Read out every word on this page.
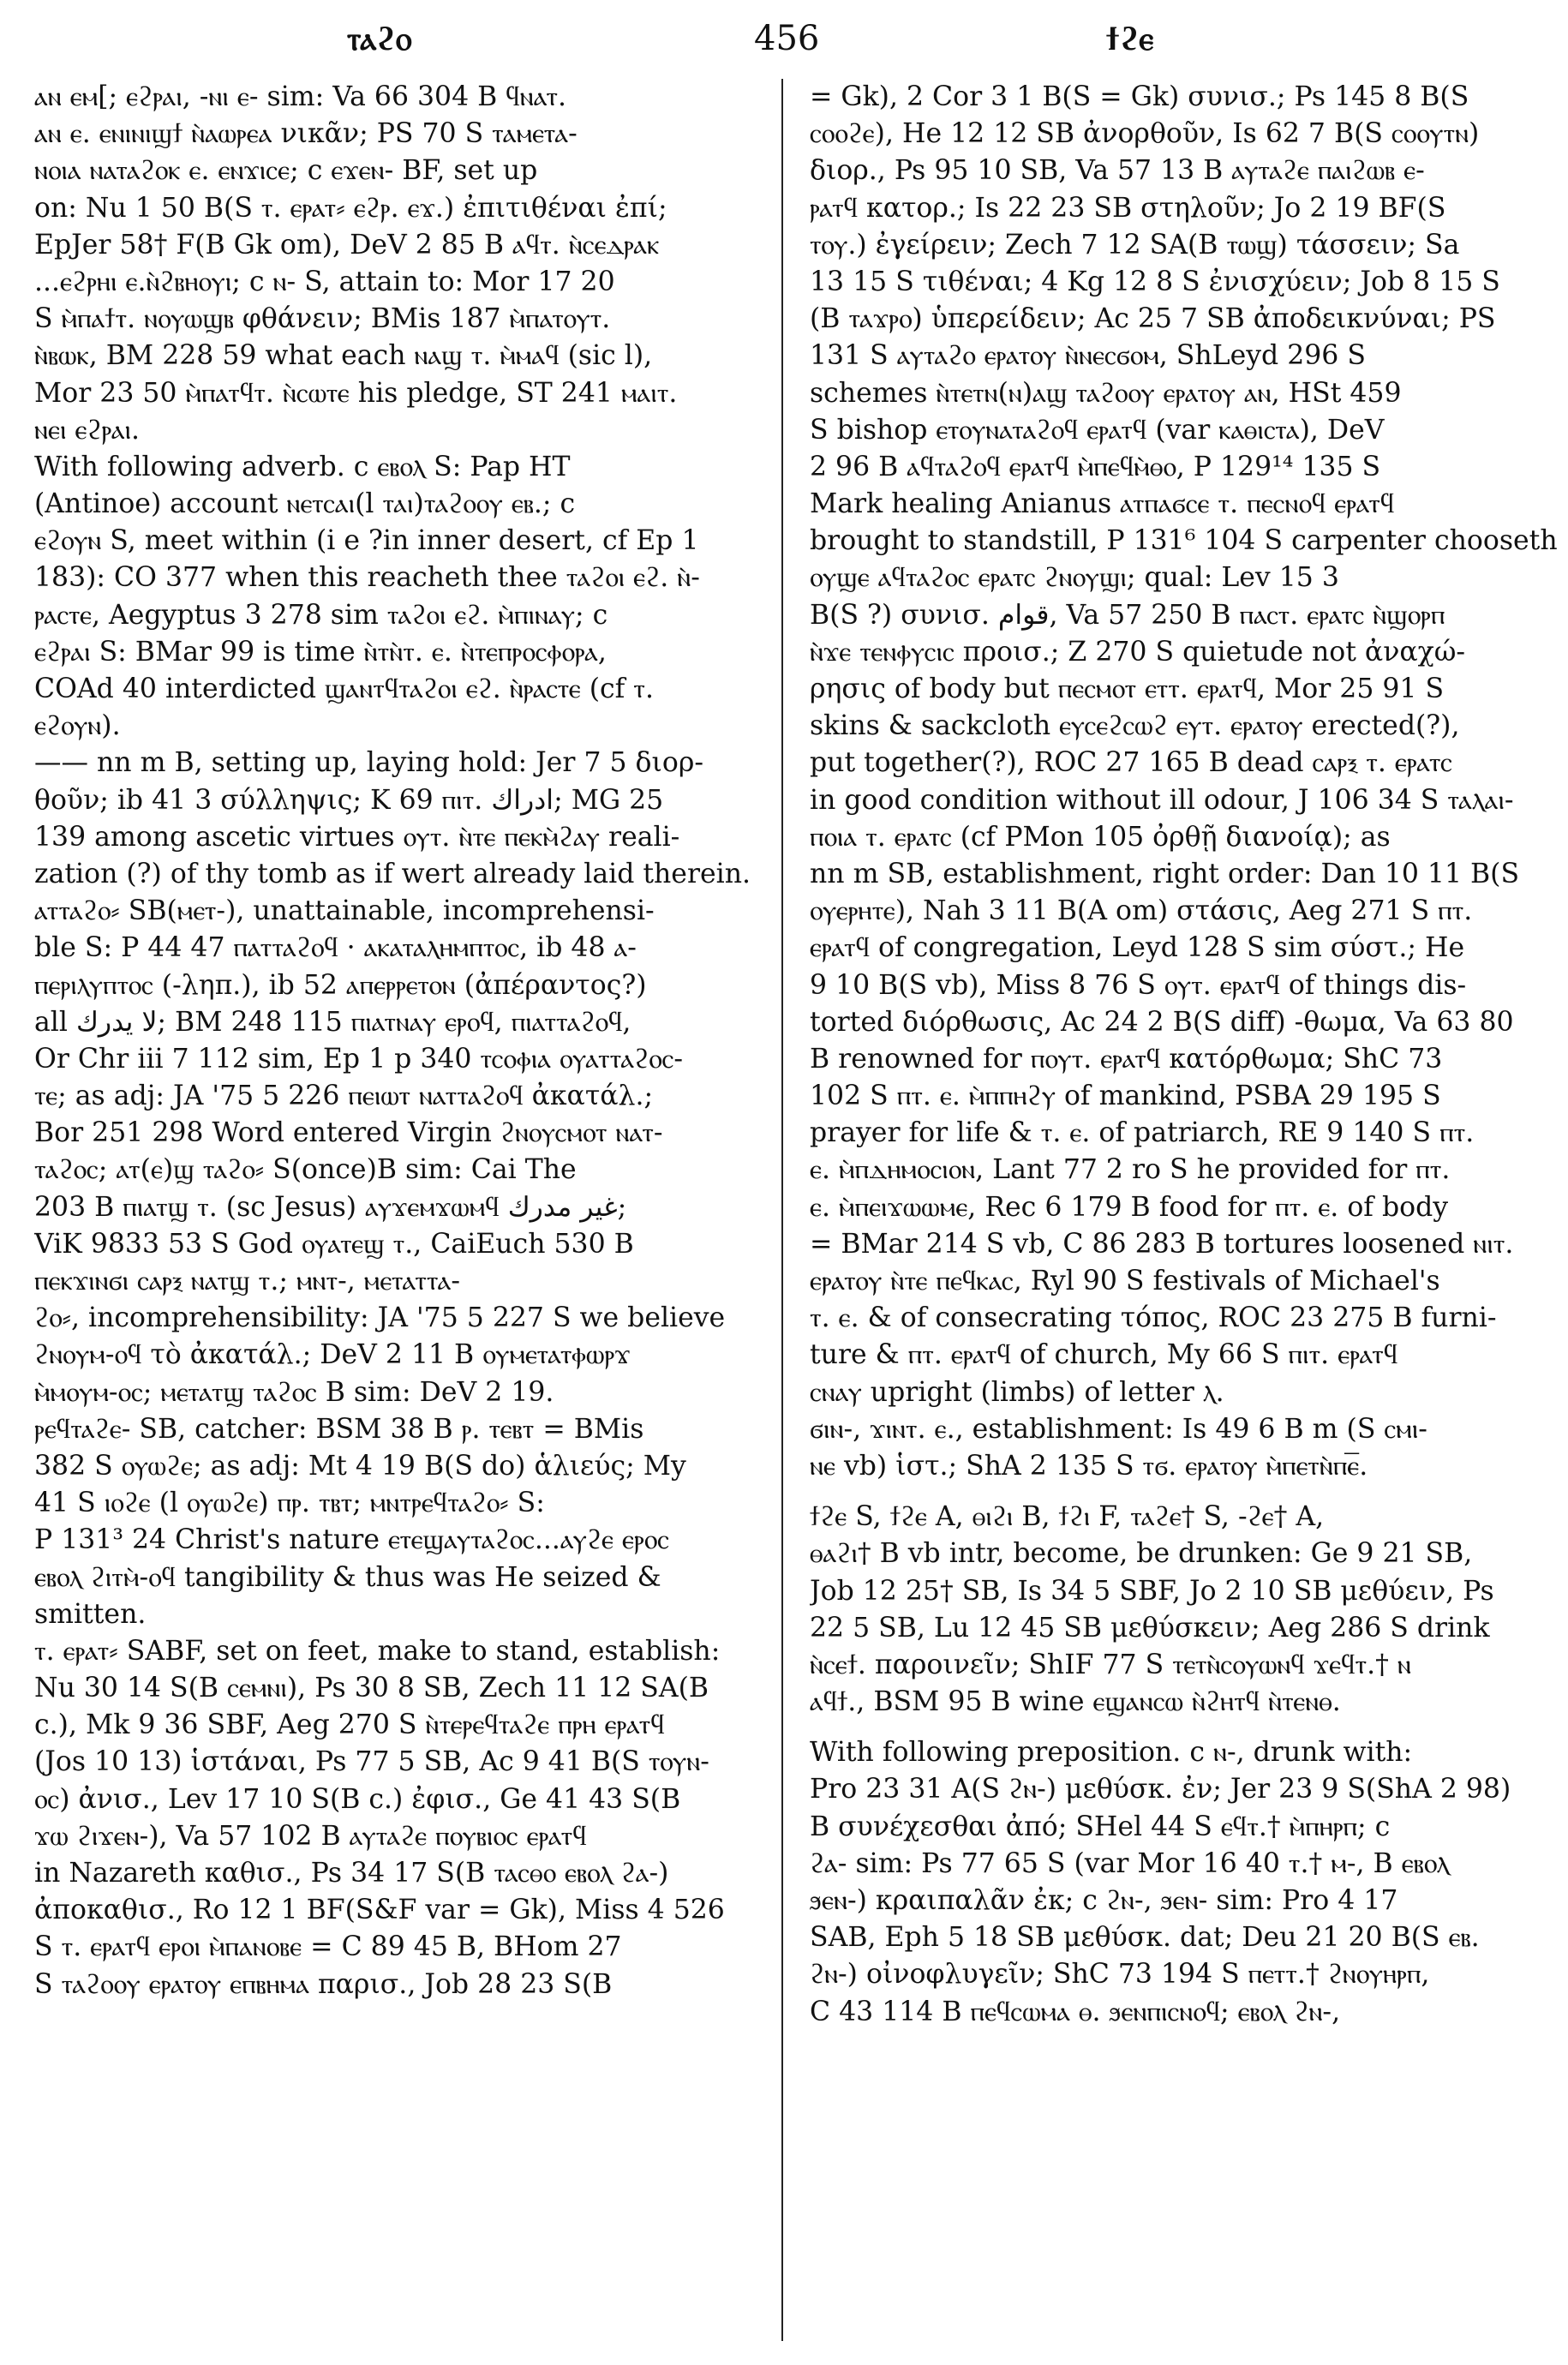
ⲧⲁϩⲟ	456	ϯϩⲉ
ⲁⲛ ⲉⲙ[; ⲉϩⲣⲁⲓ, -ⲛⲓ ⲉ- sim: Va 66 304 B ϥⲛⲁⲧ.
ⲁⲛ ⲉ. ⲉⲛⲓⲛⲓϣϯ ⲛ̀ⲁⲱⲣⲉⲁ νικᾶν; PS 70 S ⲧⲁⲙⲉⲧⲁ-
ⲛⲟⲓⲁ ⲛⲁⲧⲁϩⲟⲕ ⲉ. ⲉⲛϫⲓⲥⲉ; c ⲉϫⲉⲛ- BF, set up
on: Nu 1 50 B(S ⲧ. ⲉⲣⲁⲧ⸗ ⲉϩⲣ. ⲉϫ.) ἐπιτιθέναι ἐπί;
EpJer 58† F(B Gk om), DeV 2 85 B ⲁϥⲧ. ⲛ̀ⲥⲉⲇⲣⲁⲕ
...ⲉϩⲣⲏⲓ ⲉ.ⲛ̀ϩⲃⲏⲟⲩⲓ; c ⲛ- S, attain to: Mor 17 20
S ⲙ̀ⲡⲁϯⲧ. ⲛⲟⲩⲱϣⲃ φθάνειν; BMis 187 ⲙ̀ⲡⲁⲧⲟⲩⲧ.
ⲛ̀ⲃⲱⲕ, BM 228 59 what each ⲛⲁϣ ⲧ. ⲙ̀ⲙⲁϥ (sic l),
Mor 23 50 ⲙ̀ⲡⲁⲧϥⲧ. ⲛ̀ⲥⲱⲧⲉ his pledge, ST 241 ⲙⲁⲓⲧ.
ⲛⲉⲓ ⲉϩⲣⲁⲓ.
With following adverb. c ⲉⲃⲟⲗ S: Pap HT
(Antinoe) account ⲛⲉⲧⲥⲁⲓ(l ⲧⲁⲓ)ⲧⲁϩⲟⲟⲩ ⲉⲃ.; c
ⲉϩⲟⲩⲛ S, meet within (i e ?in inner desert, cf Ep 1
183): CO 377 when this reacheth thee ⲧⲁϩⲟⲓ ⲉϩ. ⲛ̀-
ⲣⲁⲥⲧⲉ, Aegyptus 3 278 sim ⲧⲁϩⲟⲓ ⲉϩ. ⲙ̀ⲡⲓⲛⲁⲩ; c
ⲉϩⲣⲁⲓ S: BMar 99 is time ⲛ̀ⲧⲛ̀ⲧ. ⲉ. ⲛ̀ⲧⲉⲡⲣⲟⲥⲫⲟⲣⲁ,
COAd 40 interdicted ϣⲁⲛⲧϥⲧⲁϩⲟⲓ ⲉϩ. ⲛ̀ⲣⲁⲥⲧⲉ (cf ⲧ.
ⲉϩⲟⲩⲛ).
—— nn m B, setting up, laying hold: Jer 7 5 διορ-
θοῦν; ib 41 3 σύλληψις; K 69 ⲡⲓⲧ. ادراك; MG 25
139 among ascetic virtues ⲟⲩⲧ. ⲛ̀ⲧⲉ ⲡⲉⲕⲙ̀ϩⲁⲩ reali-
zation (?) of thy tomb as if wert already laid therein.
ⲁⲧⲧⲁϩⲟ⸗ SB(ⲙⲉⲧ-), unattainable, incomprehensi-
ble S: P 44 47 ⲡⲁⲧⲧⲁϩⲟϥ · ⲁⲕⲁⲧⲁⲗⲏⲙⲡⲧⲟⲥ, ib 48 ⲁ-
ⲡⲉⲣⲓⲗⲩⲡⲧⲟⲥ (-ληπ.), ib 52 ⲁⲡⲉⲣⲣⲉⲧⲟⲛ (ἀπέραντος?)
all لا يدرك; BM 248 115 ⲡⲓⲁⲧⲛⲁⲩ ⲉⲣⲟϥ, ⲡⲓⲁⲧⲧⲁϩⲟϥ,
Or Chr iii 7 112 sim, Ep 1 p 340 ⲧⲥⲟⲫⲓⲁ ⲟⲩⲁⲧⲧⲁϩⲟⲥ-
ⲧⲉ; as adj: JA '75 5 226 ⲡⲉⲓⲱⲧ ⲛⲁⲧⲧⲁϩⲟϥ ἀκατάλ.;
Bor 251 298 Word entered Virgin ϩⲛⲟⲩⲥⲙⲟⲧ ⲛⲁⲧ-
ⲧⲁϩⲟⲥ; ⲁⲧ(ⲉ)ϣ ⲧⲁϩⲟ⸗ S(once)B sim: Cai The
203 B ⲡⲓⲁⲧϣ ⲧ. (sc Jesus) ⲁⲩϫⲉⲙϫⲱⲙϥ غير مدرك;
ViK 9833 53 S God ⲟⲩⲁⲧⲉϣ ⲧ., CaiEuch 530 B
ⲡⲉⲕϫⲓⲛϭⲓ ⲥⲁⲣⲝ ⲛⲁⲧϣ ⲧ.; ⲙⲛⲧ-, ⲙⲉⲧⲁⲧⲧⲁ-
ϩⲟ⸗, incomprehensibility: JA '75 5 227 S we believe
ϩⲛⲟⲩⲙ-ⲟϥ τὸ ἀκατάλ.; DeV 2 11 B ⲟⲩⲙⲉⲧⲁⲧⲫⲱⲣϫ
ⲙ̀ⲙⲟⲩⲙ-ⲟⲥ; ⲙⲉⲧⲁⲧϣ ⲧⲁϩⲟⲥ B sim: DeV 2 19.
ⲣⲉϥⲧⲁϩⲉ- SB, catcher: BSM 38 B ⲣ. ⲧⲉⲃⲧ = BMis
382 S ⲟⲩⲱϩⲉ; as adj: Mt 4 19 B(S do) ἁλιεύς; My
41 S ⲓⲟϩⲉ (l ⲟⲩⲱϩⲉ) ⲡⲣ. ⲧⲃⲧ; ⲙⲛⲧⲣⲉϥⲧⲁϩⲟ⸗ S:
P 131³ 24 Christ's nature ⲉⲧⲉϣⲁⲩⲧⲁϩⲟⲥ...ⲁⲩϩⲉ ⲉⲣⲟⲥ
ⲉⲃⲟⲗ ϩⲓⲧⲙ̀-ⲟϥ tangibility & thus was He seized &
smitten.
ⲧ. ⲉⲣⲁⲧ⸗ SABF, set on feet, make to stand, establish:
Nu 30 14 S(B ⲥⲉⲙⲛⲓ), Ps 30 8 SB, Zech 11 12 SA(B
c.), Mk 9 36 SBF, Aeg 270 S ⲛ̀ⲧⲉⲣⲉϥⲧⲁϩⲉ ⲡⲣⲏ ⲉⲣⲁⲧϥ
(Jos 10 13) ἱστάναι, Ps 77 5 SB, Ac 9 41 B(S ⲧⲟⲩⲛ-
ⲟⲥ) ἀνισ., Lev 17 10 S(B c.) ἐφισ., Ge 41 43 S(B
ϫⲱ ϩⲓϫⲉⲛ-), Va 57 102 B ⲁⲩⲧⲁϩⲉ ⲡⲟⲩⲃⲓⲟⲥ ⲉⲣⲁⲧϥ
in Nazareth καθισ., Ps 34 17 S(B ⲧⲁⲥⲑⲟ ⲉⲃⲟⲗ ϩⲁ-)
ἀποκαθισ., Ro 12 1 BF(S&F var = Gk), Miss 4 526
S ⲧ. ⲉⲣⲁⲧϥ ⲉⲣⲟⲓ ⲙ̀ⲡⲁⲛⲟⲃⲉ = C 89 45 B, BHom 27
S ⲧⲁϩⲟⲟⲩ ⲉⲣⲁⲧⲟⲩ ⲉⲡⲃⲏⲙⲁ παρισ., Job 28 23 S(B
= Gk), 2 Cor 3 1 B(S = Gk) συνισ.; Ps 145 8 B(S
ⲥⲟⲟϩⲉ), He 12 12 SB ἀνορθοῦν, Is 62 7 B(S ⲥⲟⲟⲩⲧⲛ)
διορ., Ps 95 10 SB, Va 57 13 B ⲁⲩⲧⲁϩⲉ ⲡⲁⲓϩⲱⲃ ⲉ-
ⲣⲁⲧϥ κατορ.; Is 22 23 SB στηλοῦν; Jo 2 19 BF(S
ⲧⲟⲩ.) ἐγείρειν; Zech 7 12 SA(B ⲧⲱϣ) τάσσειν; Sa
13 15 S τιθέναι; 4 Kg 12 8 S ἐνισχύειν; Job 8 15 S
(B ⲧⲁϫⲣⲟ) ὑπερείδειν; Ac 25 7 SB ἀποδεικνύναι; PS
131 S ⲁⲩⲧⲁϩⲟ ⲉⲣⲁⲧⲟⲩ ⲛ̀ⲛⲉⲥϭⲟⲙ, ShLeyd 296 S
schemes ⲛ̀ⲧⲉⲧⲛ(ⲛ)ⲁϣ ⲧⲁϩⲟⲟⲩ ⲉⲣⲁⲧⲟⲩ ⲁⲛ, HSt 459
S bishop ⲉⲧⲟⲩⲛⲁⲧⲁϩⲟϥ ⲉⲣⲁⲧϥ (var ⲕⲁⲑⲓⲥⲧⲁ), DeV
2 96 B ⲁϥⲧⲁϩⲟϥ ⲉⲣⲁⲧϥ ⲙ̀ⲡⲉϥⲙ̀ⲑⲟ, P 129¹⁴ 135 S
Mark healing Anianus ⲁⲧⲡⲁϭⲥⲉ ⲧ. ⲡⲉⲥⲛⲟϥ ⲉⲣⲁⲧϥ
brought to standstill, P 131⁶ 104 S carpenter chooseth
ⲟⲩϣⲉ ⲁϥⲧⲁϩⲟⲥ ⲉⲣⲁⲧⲥ ϩⲛⲟⲩϣⲓ; qual: Lev 15 3
B(S ?) συνισ. قوام, Va 57 250 B ⲡⲁⲥⲧ. ⲉⲣⲁⲧⲥ ⲛ̀ϣⲟⲣⲡ
ⲛ̀ϫⲉ ⲧⲉⲛⲫⲩⲥⲓⲥ προισ.; Z 270 S quietude not ἀναχώ-
ρησις of body but ⲡⲉⲥⲙⲟⲧ ⲉⲧⲧ. ⲉⲣⲁⲧϥ, Mor 25 91 S
skins & sackcloth ⲉⲩⲥⲉϩⲥⲱϩ ⲉⲩⲧ. ⲉⲣⲁⲧⲟⲩ erected(?),
put together(?), ROC 27 165 B dead ⲥⲁⲣⲝ ⲧ. ⲉⲣⲁⲧⲥ
in good condition without ill odour, J 106 34 S ⲧⲁⲗⲁⲓ-
ⲡⲟⲓⲁ ⲧ. ⲉⲣⲁⲧⲥ (cf PMon 105 ὀρθῇ διανοίᾳ); as
nn m SB, establishment, right order: Dan 10 11 B(S
ⲟⲩⲉⲣⲏⲧⲉ), Nah 3 11 B(A om) στάσις, Aeg 271 S ⲡⲧ.
ⲉⲣⲁⲧϥ of congregation, Leyd 128 S sim σύστ.; He
9 10 B(S vb), Miss 8 76 S ⲟⲩⲧ. ⲉⲣⲁⲧϥ of things dis-
torted διόρθωσις, Ac 24 2 B(S diff) -θωμα, Va 63 80
B renowned for ⲡⲟⲩⲧ. ⲉⲣⲁⲧϥ κατόρθωμα; ShC 73
102 S ⲡⲧ. ⲉ. ⲙ̀ⲡⲡⲏϩⲩ of mankind, PSBA 29 195 S
prayer for life & ⲧ. ⲉ. of patriarch, RE 9 140 S ⲡⲧ.
ⲉ. ⲙ̀ⲡⲇⲏⲙⲟⲥⲓⲟⲛ, Lant 77 2 ro S he provided for ⲡⲧ.
ⲉ. ⲙ̀ⲡⲉⲓϫⲱⲱⲙⲉ, Rec 6 179 B food for ⲡⲧ. ⲉ. of body
= BMar 214 S vb, C 86 283 B tortures loosened ⲛⲓⲧ.
ⲉⲣⲁⲧⲟⲩ ⲛ̀ⲧⲉ ⲡⲉϥⲕⲁⲥ, Ryl 90 S festivals of Michael's
ⲧ. ⲉ. & of consecrating τόπος, ROC 23 275 B furni-
ture & ⲡⲧ. ⲉⲣⲁⲧϥ of church, My 66 S ⲡⲓⲧ. ⲉⲣⲁⲧϥ
ⲥⲛⲁⲩ upright (limbs) of letter ⲗ.
ϭⲓⲛ-, ϫⲓⲛⲧ. ⲉ., establishment: Is 49 6 B m (S ⲥⲙⲓ-
ⲛⲉ vb) ἱστ.; ShA 2 135 S ⲧϭ. ⲉⲣⲁⲧⲟⲩ ⲙ̀ⲡⲉⲧⲛ̀ⲡⲉ̅.
ϯϩⲉ S, ϯϩⲉ A, ⲑⲓϩⲓ B, ϯϩⲓ F, ⲧⲁϩⲉ† S, -ϩⲉ† A,
ⲑⲁϩⲓ† B vb intr, become, be drunken: Ge 9 21 SB,
Job 12 25† SB, Is 34 5 SBF, Jo 2 10 SB μεθύειν, Ps
22 5 SB, Lu 12 45 SB μεθύσκειν; Aeg 286 S drink
ⲛ̀ⲥⲉϯ. παροινεῖν; ShIF 77 S ⲧⲉⲧⲛ̀ⲥⲟⲩⲱⲛϥ ϫⲉϥⲧ.† ⲛ
ⲁϥϯ., BSM 95 B wine ⲉϣⲁⲛⲥⲱ ⲛ̀ϩⲏⲧϥ ⲛ̀ⲧⲉⲛⲑ.
With following preposition. c ⲛ-, drunk with:
Pro 23 31 A(S ϩⲛ-) μεθύσκ. ἐν; Jer 23 9 S(ShA 2 98)
B συνέχεσθαι ἀπό; SHel 44 S ⲉϥⲧ.† ⲙ̀ⲡⲏⲣⲡ; c
ϩⲁ- sim: Ps 77 65 S (var Mor 16 40 ⲧ.† ⲙ-, B ⲉⲃⲟⲗ
ϧⲉⲛ-) κραιπαλᾶν ἐκ; c ϩⲛ-, ϧⲉⲛ- sim: Pro 4 17
SAB, Eph 5 18 SB μεθύσκ. dat; Deu 21 20 B(S ⲉⲃ.
ϩⲛ-) οἰνοφλυγεῖν; ShC 73 194 S ⲡⲉⲧⲧ.† ϩⲛⲟⲩⲏⲣⲡ,
C 43 114 B ⲡⲉϥⲥⲱⲙⲁ ⲑ. ϧⲉⲛⲡⲓⲥⲛⲟϥ; ⲉⲃⲟⲗ ϩⲛ-,
